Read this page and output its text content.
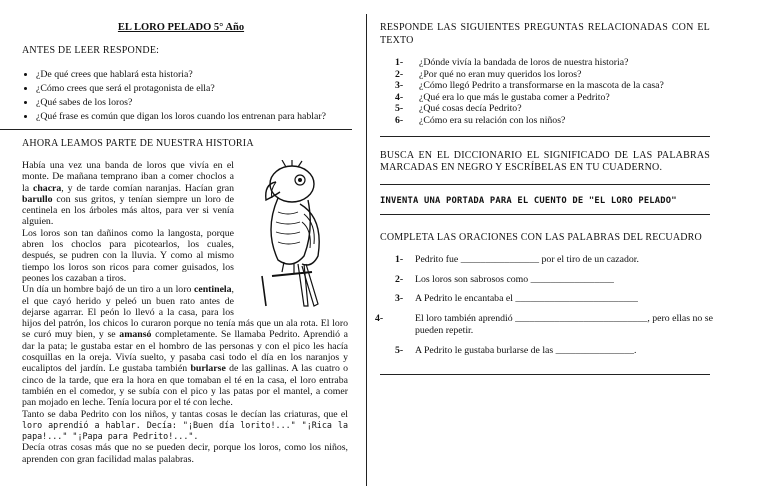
EL LORO PELADO 5° Año
ANTES DE LEER RESPONDE:
• ¿De qué crees que hablará esta historia?
• ¿Cómo crees que será el protagonista de ella?
• ¿Qué sabes de los loros?
• ¿Qué frase es común que digan los loros cuando los entrenan para hablar?
AHORA LEAMOS PARTE DE NUESTRA HISTORIA

Había una vez una banda de loros que vivía en el monte. De mañana temprano iban a comer choclos a la chacra, y de tarde comían naranjas. Hacían gran barullo con sus gritos, y tenían siempre un loro de centinela en los árboles más altos, para ver si venía alguien.

Los loros son tan dañinos como la langosta, porque abren los choclos para picotearlos, los cuales, después, se pudren con la lluvia. Y como al mismo tiempo los loros son ricos para comer guisados, los peones los cazaban a tiros.

Un día un hombre bajó de un tiro a un loro centinela, el que cayó herido y peleó un buen rato antes de dejarse agarrar. El peón lo llevó a la casa, para los hijos del patrón, los chicos lo curaron porque no tenía más que un ala rota. El loro se curó muy bien, y se amansó completamente. Se llamaba Pedrito. Aprendió a dar la pata; le gustaba estar en el hombro de las personas y con el pico les hacía cosquillas en la oreja. Vivía suelto, y pasaba casi todo el día en los naranjos y eucaliptos del jardín. Le gustaba también burlarse de las gallinas. A las cuatro o cinco de la tarde, que era la hora en que tomaban el té en la casa, el loro entraba también en el comedor, y se subía con el pico y las patas por el mantel, a comer pan mojado en leche. Tenía locura por el té con leche.

Tanto se daba Pedrito con los niños, y tantas cosas le decían las criaturas, que el loro aprendió a hablar. Decía: "¡Buen día lorito!..." "¡Rica la papa!..." "¡Papa para Pedrito!...".

Decía otras cosas más que no se pueden decir, porque los loros, como los niños, aprenden con gran facilidad malas palabras.

RESPONDE LAS SIGUIENTES PREGUNTAS RELACIONADAS CON EL TEXTO
1- ¿Dónde vivía la bandada de loros de nuestra historia?
2- ¿Por qué no eran muy queridos los loros?
3- ¿Cómo llegó Pedrito a transformarse en la mascota de la casa?
4- ¿Qué era lo que más le gustaba comer a Pedrito?
5- ¿Qué cosas decía Pedrito?
6- ¿Cómo era su relación con los niños?
BUSCA EN EL DICCIONARIO EL SIGNIFICADO DE LAS PALABRAS MARCADAS EN NEGRO Y ESCRÍBELAS EN TU CUADERNO.
INVENTA UNA PORTADA PARA EL CUENTO DE "EL LORO PELADO"
COMPLETA LAS ORACIONES CON LAS PALABRAS DEL RECUADRO
1- Pedrito fue ________________ por el tiro de un cazador.
2- Los loros son sabrosos como _________________
3- A Pedrito le encantaba el _________________________
4-	El loro también aprendió ___________________________, pero ellas no se pueden repetir.
5- A Pedrito le gustaba burlarse de las ________________.
